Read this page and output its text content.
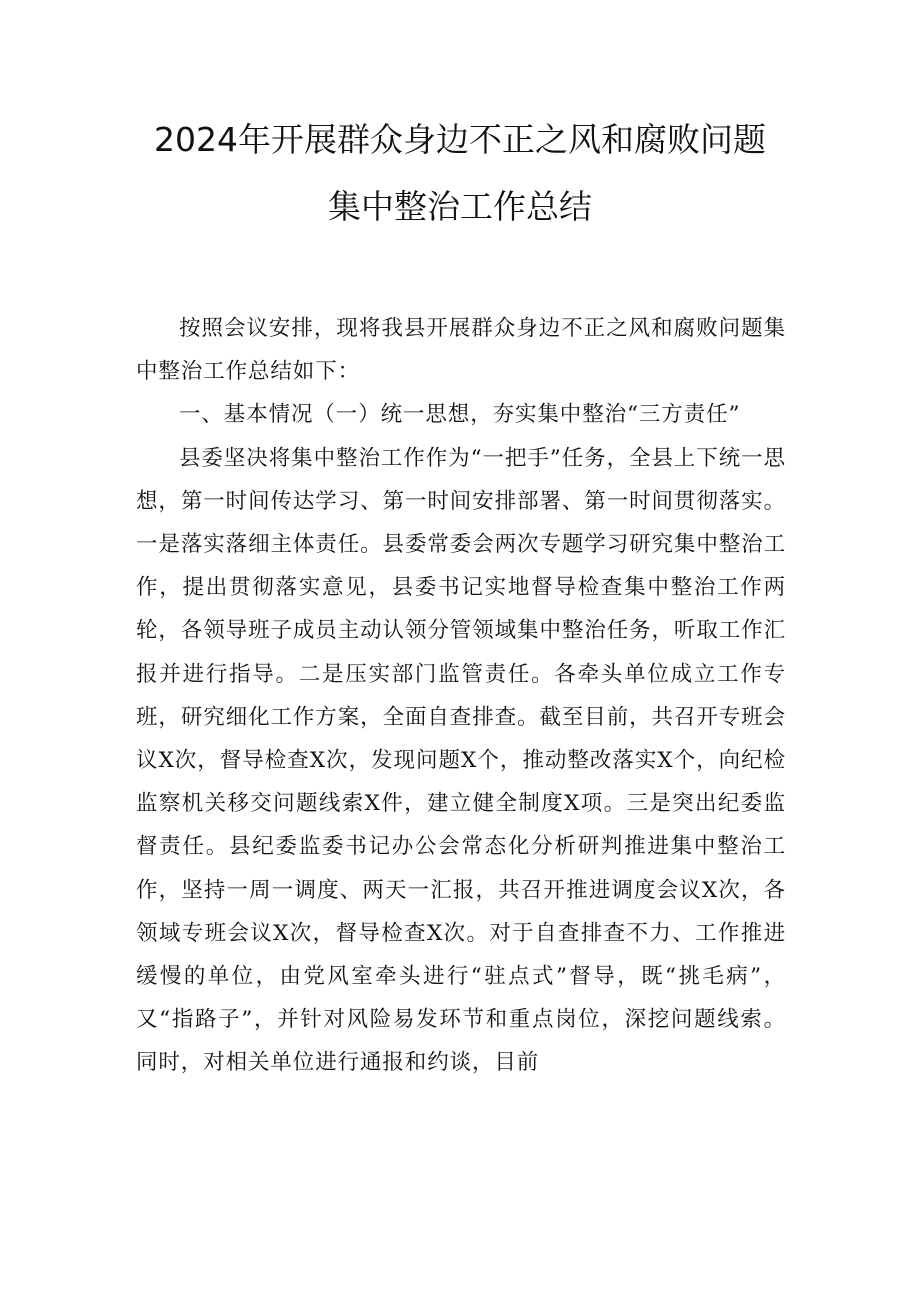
2024年开展群众身边不正之风和腐败问题
集中整治工作总结

按照会议安排，现将我县开展群众身边不正之风和腐败问题集中整治工作总结如下：

一、基本情况（一）统一思想，夯实集中整治“三方责任”

县委坚决将集中整治工作作为“一把手”任务，全县上下统一思想，第一时间传达学习、第一时间安排部署、第一时间贯彻落实。一是落实落细主体责任。县委常委会两次专题学习研究集中整治工作，提出贯彻落实意见，县委书记实地督导检查集中整治工作两轮，各领导班子成员主动认领分管领域集中整治任务，听取工作汇报并进行指导。二是压实部门监管责任。各牵头单位成立工作专班，研究细化工作方案，全面自查排查。截至目前，共召开专班会议X次，督导检查X次，发现问题X个，推动整改落实X个，向纪检监察机关移交问题线索X件，建立健全制度X项。三是突出纪委监督责任。县纪委监委书记办公会常态化分析研判推进集中整治工作，坚持一周一调度、两天一汇报，共召开推进调度会议X次，各领域专班会议X次，督导检查X次。对于自查排查不力、工作推进缓慢的单位，由党风室牵头进行“驻点式”督导，既“挑毛病”，又“指路子”，并针对风险易发环节和重点岗位，深挖问题线索。同时，对相关单位进行通报和约谈，目前
